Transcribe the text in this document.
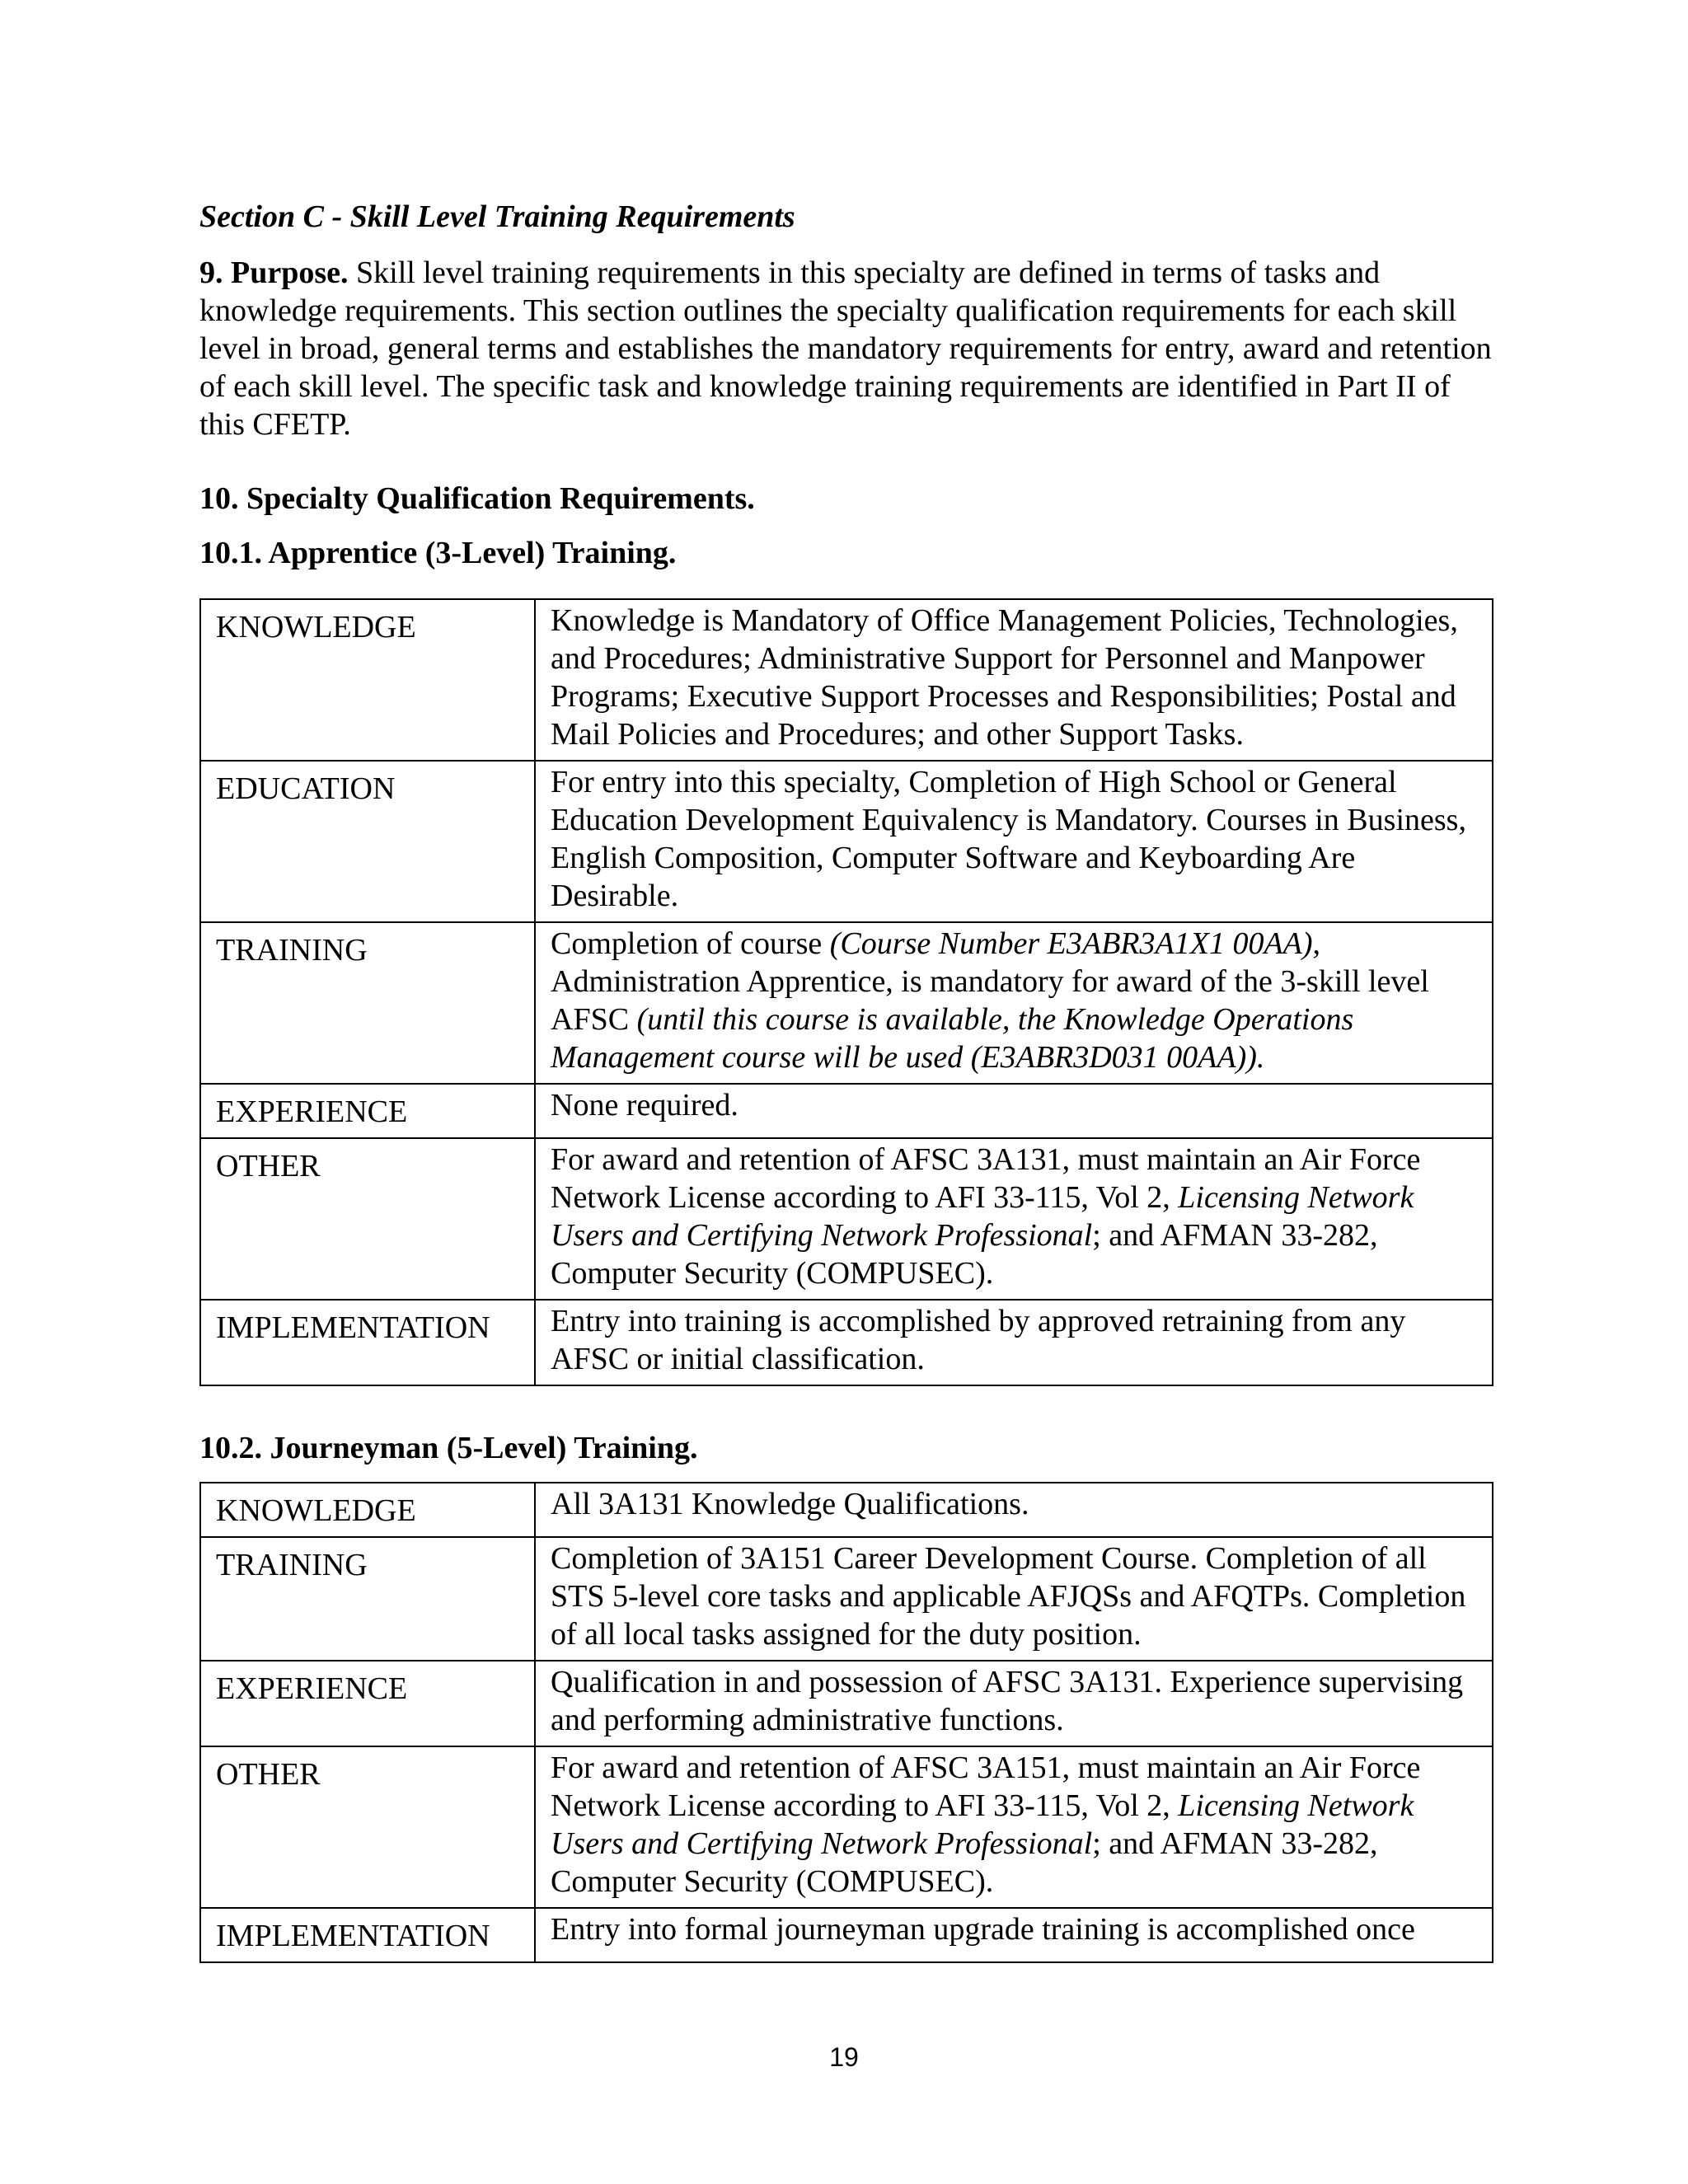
Section C - Skill Level Training Requirements

9. Purpose. Skill level training requirements in this specialty are defined in terms of tasks and knowledge requirements. This section outlines the specialty qualification requirements for each skill level in broad, general terms and establishes the mandatory requirements for entry, award and retention of each skill level. The specific task and knowledge training requirements are identified in Part II of this CFETP.

10. Specialty Qualification Requirements.

10.1. Apprentice (3-Level) Training.

KNOWLEDGE	Knowledge is Mandatory of Office Management Policies, Technologies, and Procedures; Administrative Support for Personnel and Manpower Programs; Executive Support Processes and Responsibilities; Postal and Mail Policies and Procedures; and other Support Tasks.
EDUCATION	For entry into this specialty, Completion of High School or General Education Development Equivalency is Mandatory. Courses in Business, English Composition, Computer Software and Keyboarding Are Desirable.
TRAINING	Completion of course (Course Number E3ABR3A1X1 00AA), Administration Apprentice, is mandatory for award of the 3-skill level AFSC (until this course is available, the Knowledge Operations Management course will be used (E3ABR3D031 00AA)).
EXPERIENCE	None required.
OTHER	For award and retention of AFSC 3A131, must maintain an Air Force Network License according to AFI 33-115, Vol 2, Licensing Network Users and Certifying Network Professional; and AFMAN 33-282, Computer Security (COMPUSEC).
IMPLEMENTATION	Entry into training is accomplished by approved retraining from any AFSC or initial classification.

10.2. Journeyman (5-Level) Training.

KNOWLEDGE	All 3A131 Knowledge Qualifications.
TRAINING	Completion of 3A151 Career Development Course. Completion of all STS 5-level core tasks and applicable AFJQSs and AFQTPs. Completion of all local tasks assigned for the duty position.
EXPERIENCE	Qualification in and possession of AFSC 3A131. Experience supervising and performing administrative functions.
OTHER	For award and retention of AFSC 3A151, must maintain an Air Force Network License according to AFI 33-115, Vol 2, Licensing Network Users and Certifying Network Professional; and AFMAN 33-282, Computer Security (COMPUSEC).
IMPLEMENTATION	Entry into formal journeyman upgrade training is accomplished once
19
